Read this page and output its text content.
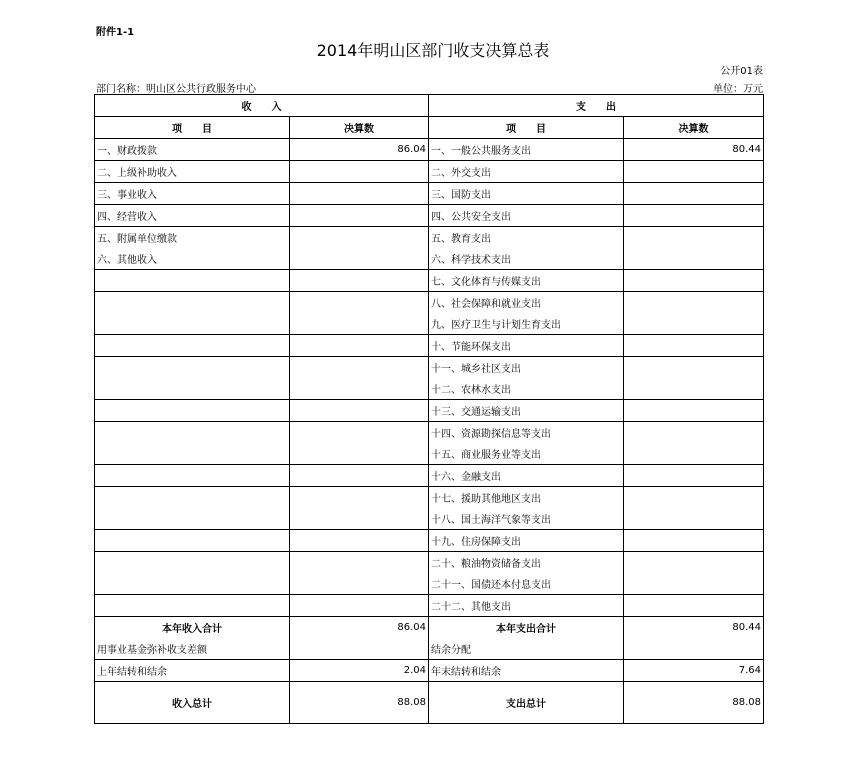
附件1-1
2014年明山区部门收支决算总表
公开01表
部门名称：明山区公共行政服务中心	单位：万元
收　　入		支　　出	
项　　目	决算数	项　　目	决算数
一、财政拨款	86.04	一、一般公共服务支出	80.44
二、上级补助收入		二、外交支出	
三、事业收入		三、国防支出	
四、经营收入		四、公共安全支出	
五、附属单位缴款		五、教育支出	
六、其他收入		六、科学技术支出	
		七、文化体育与传媒支出	
		八、社会保障和就业支出	
		九、医疗卫生与计划生育支出	
		十、节能环保支出	
		十一、城乡社区支出	
		十二、农林水支出	
		十三、交通运输支出	
		十四、资源勘探信息等支出	
		十五、商业服务业等支出	
		十六、金融支出	
		十七、援助其他地区支出	
		十八、国土海洋气象等支出	
		十九、住房保障支出	
		二十、粮油物资储备支出	
		二十一、国债还本付息支出	
		二十二、其他支出	
本年收入合计	86.04	本年支出合计	80.44
用事业基金弥补收支差额		结余分配	
上年结转和结余	2.04	年末结转和结余	7.64
收入总计	88.08	支出总计	88.08
